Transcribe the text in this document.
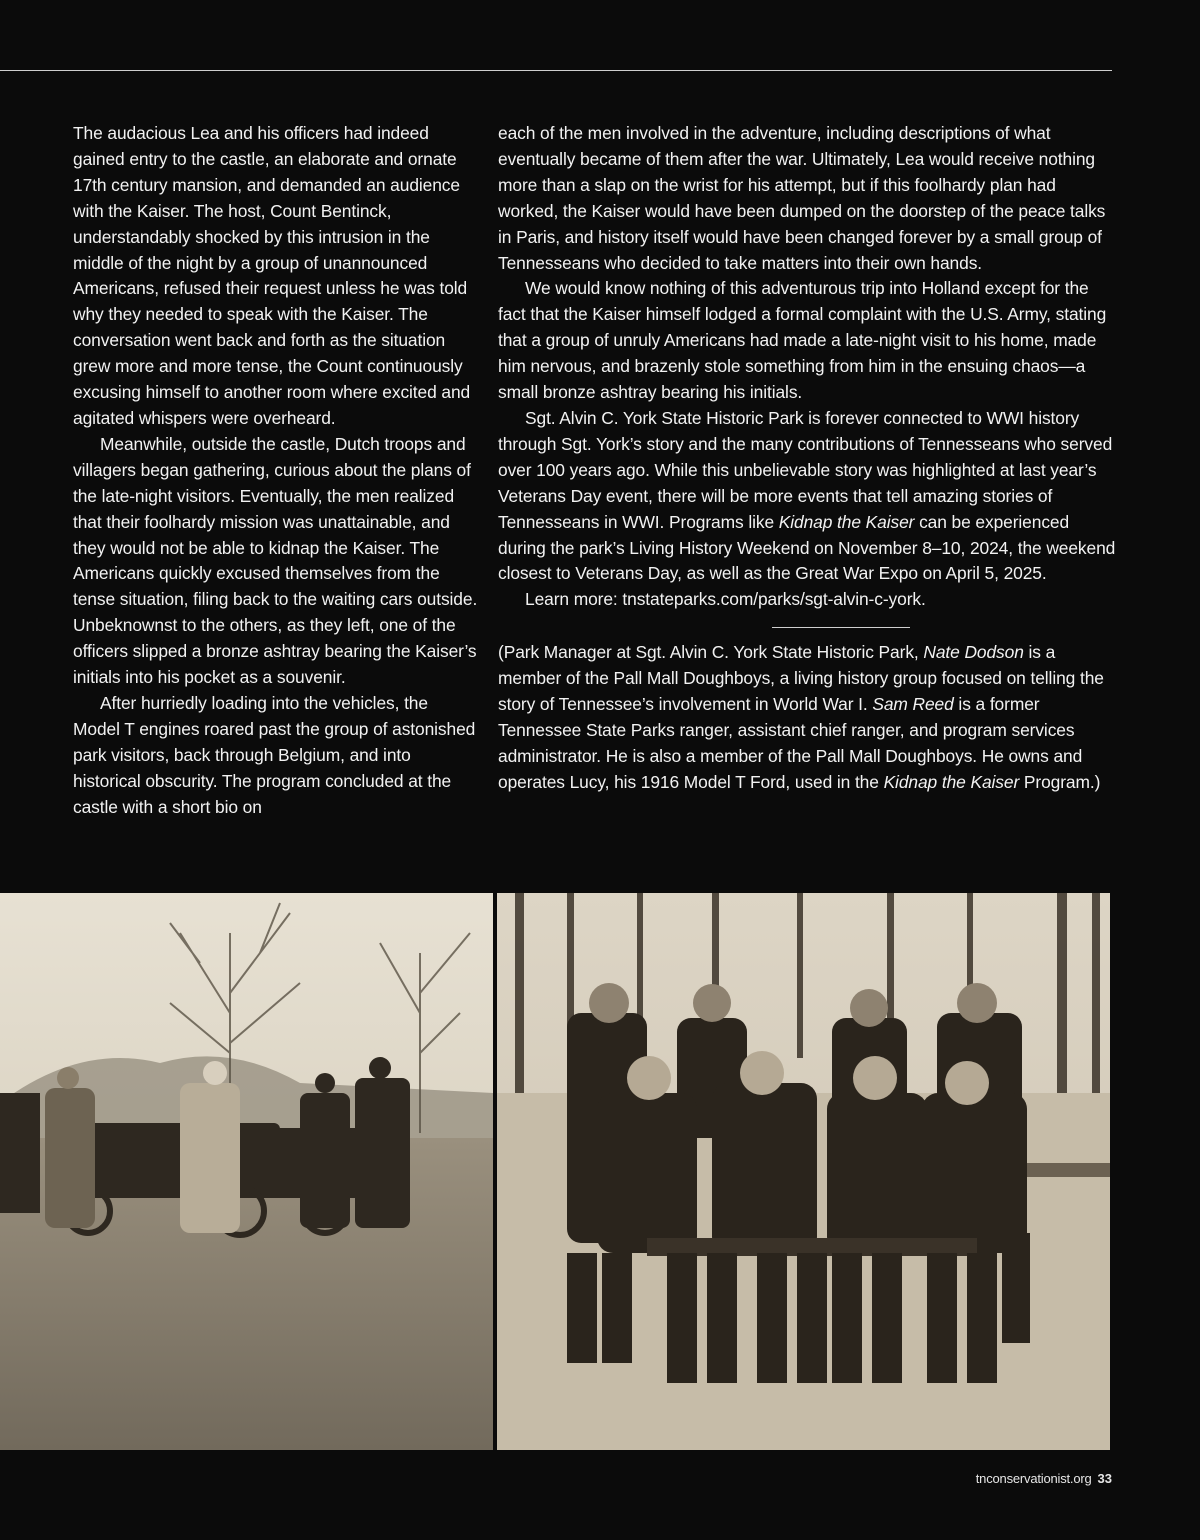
The audacious Lea and his officers had indeed gained entry to the castle, an elaborate and ornate 17th century mansion, and demanded an audience with the Kaiser. The host, Count Bentinck, understandably shocked by this intrusion in the middle of the night by a group of unannounced Americans, refused their request unless he was told why they needed to speak with the Kaiser. The conversation went back and forth as the situation grew more and more tense, the Count continuously excusing himself to another room where excited and agitated whispers were overheard.

Meanwhile, outside the castle, Dutch troops and villagers began gathering, curious about the plans of the late-night visitors. Eventually, the men realized that their foolhardy mission was unattainable, and they would not be able to kidnap the Kaiser. The Americans quickly excused themselves from the tense situation, filing back to the waiting cars outside. Unbeknownst to the others, as they left, one of the officers slipped a bronze ashtray bearing the Kaiser’s initials into his pocket as a souvenir.

After hurriedly loading into the vehicles, the Model T engines roared past the group of astonished park visitors, back through Belgium, and into historical obscurity. The program concluded at the castle with a short bio on

each of the men involved in the adventure, including descriptions of what eventually became of them after the war. Ultimately, Lea would receive nothing more than a slap on the wrist for his attempt, but if this foolhardy plan had worked, the Kaiser would have been dumped on the doorstep of the peace talks in Paris, and history itself would have been changed forever by a small group of Tennesseans who decided to take matters into their own hands.

We would know nothing of this adventurous trip into Holland except for the fact that the Kaiser himself lodged a formal complaint with the U.S. Army, stating that a group of unruly Americans had made a late-night visit to his home, made him nervous, and brazenly stole something from him in the ensuing chaos—a small bronze ashtray bearing his initials.

Sgt. Alvin C. York State Historic Park is forever connected to WWI history through Sgt. York’s story and the many contributions of Tennesseans who served over 100 years ago. While this unbelievable story was highlighted at last year’s Veterans Day event, there will be more events that tell amazing stories of Tennesseans in WWI. Programs like Kidnap the Kaiser can be experienced during the park’s Living History Weekend on November 8–10, 2024, the weekend closest to Veterans Day, as well as the Great War Expo on April 5, 2025.

Learn more: tnstateparks.com/parks/sgt-alvin-c-york.

(Park Manager at Sgt. Alvin C. York State Historic Park, Nate Dodson is a member of the Pall Mall Doughboys, a living history group focused on telling the story of Tennessee’s involvement in World War I. Sam Reed is a former Tennessee State Parks ranger, assistant chief ranger, and program services administrator. He is also a member of the Pall Mall Doughboys. He owns and operates Lucy, his 1916 Model T Ford, used in the Kidnap the Kaiser Program.)

tnconservationist.org 33
